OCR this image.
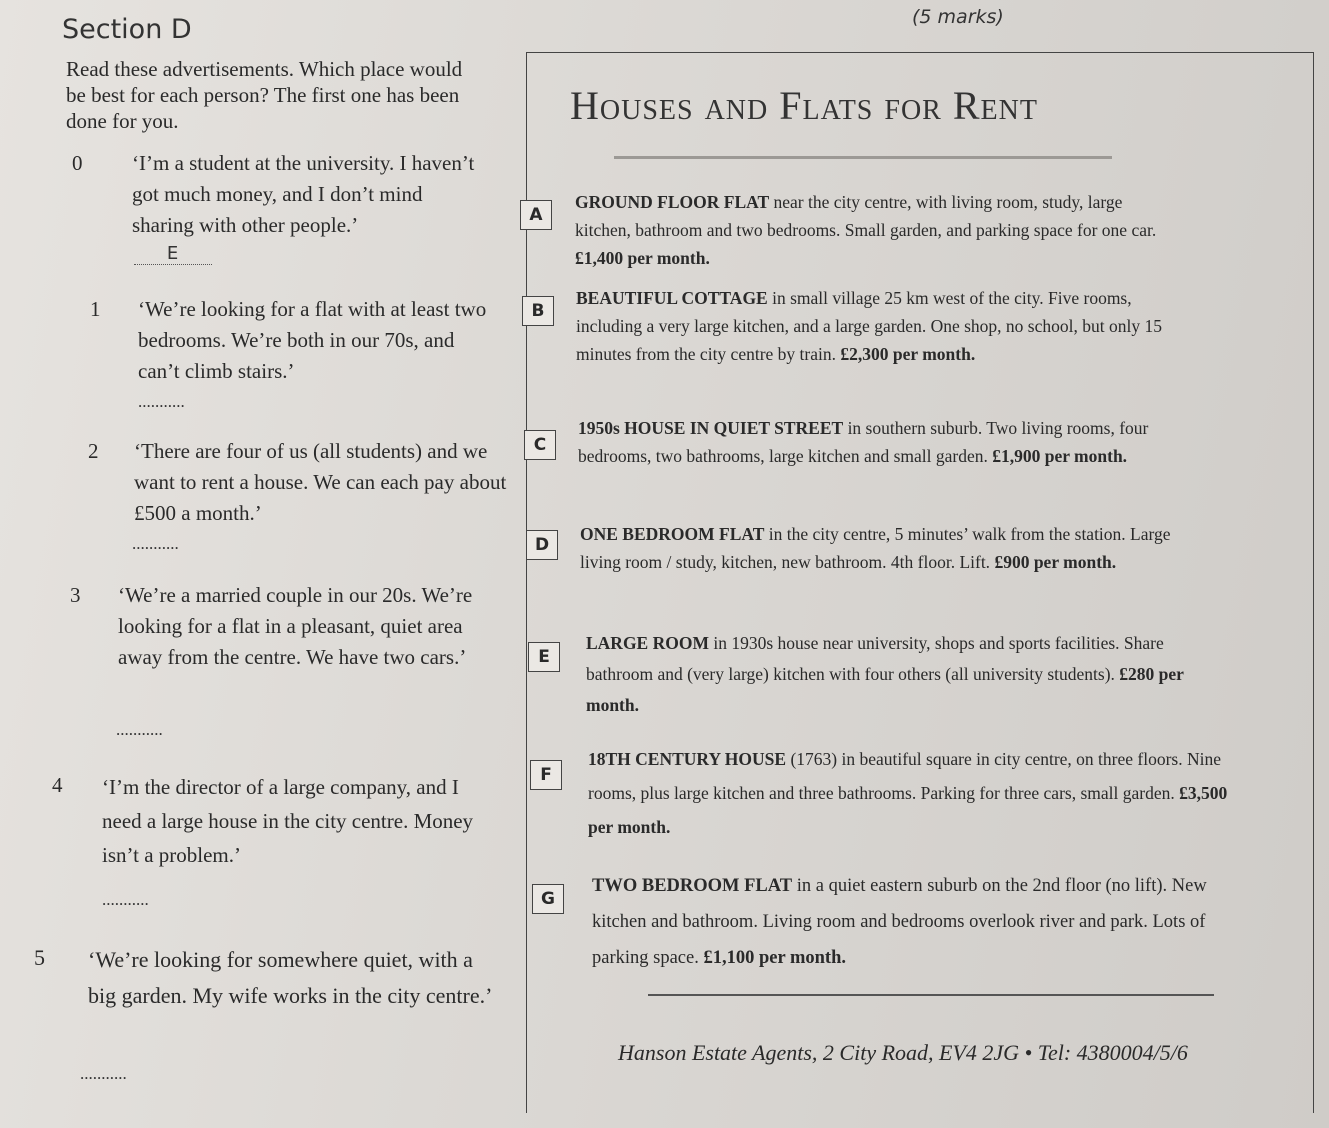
Section D	(5 marks)
Read these advertisements. Which place would be best for each person? The first one has been done for you.
0	‘I’m a student at the university. I haven’t got much money, and I don’t mind sharing with other people.’
E
1	‘We’re looking for a flat with at least two bedrooms. We’re both in our 70s, and can’t climb stairs.’
...........
2	‘There are four of us (all students) and we want to rent a house. We can each pay about £500 a month.’
...........
3	‘We’re a married couple in our 20s. We’re looking for a flat in a pleasant, quiet area away from the centre. We have two cars.’
...........
4	‘I’m the director of a large company, and I need a large house in the city centre. Money isn’t a problem.’
...........
5	‘We’re looking for somewhere quiet, with a big garden. My wife works in the city centre.’
...........
Houses and Flats for Rent
A
GROUND FLOOR FLAT near the city centre, with living room, study, large kitchen, bathroom and two bedrooms. Small garden, and parking space for one car. £1,400 per month.
B
BEAUTIFUL COTTAGE in small village 25 km west of the city. Five rooms, including a very large kitchen, and a large garden. One shop, no school, but only 15 minutes from the city centre by train. £2,300 per month.
C
1950s HOUSE IN QUIET STREET in southern suburb. Two living rooms, four bedrooms, two bathrooms, large kitchen and small garden. £1,900 per month.
D
ONE BEDROOM FLAT in the city centre, 5 minutes’ walk from the station. Large living room / study, kitchen, new bathroom. 4th floor. Lift. £900 per month.
E
LARGE ROOM in 1930s house near university, shops and sports facilities. Share bathroom and (very large) kitchen with four others (all university students). £280 per month.
F
18TH CENTURY HOUSE (1763) in beautiful square in city centre, on three floors. Nine rooms, plus large kitchen and three bathrooms. Parking for three cars, small garden. £3,500 per month.
G
TWO BEDROOM FLAT in a quiet eastern suburb on the 2nd floor (no lift). New kitchen and bathroom. Living room and bedrooms overlook river and park. Lots of parking space. £1,100 per month.
Hanson Estate Agents, 2 City Road, EV4 2JG • Tel: 4380004/5/6
